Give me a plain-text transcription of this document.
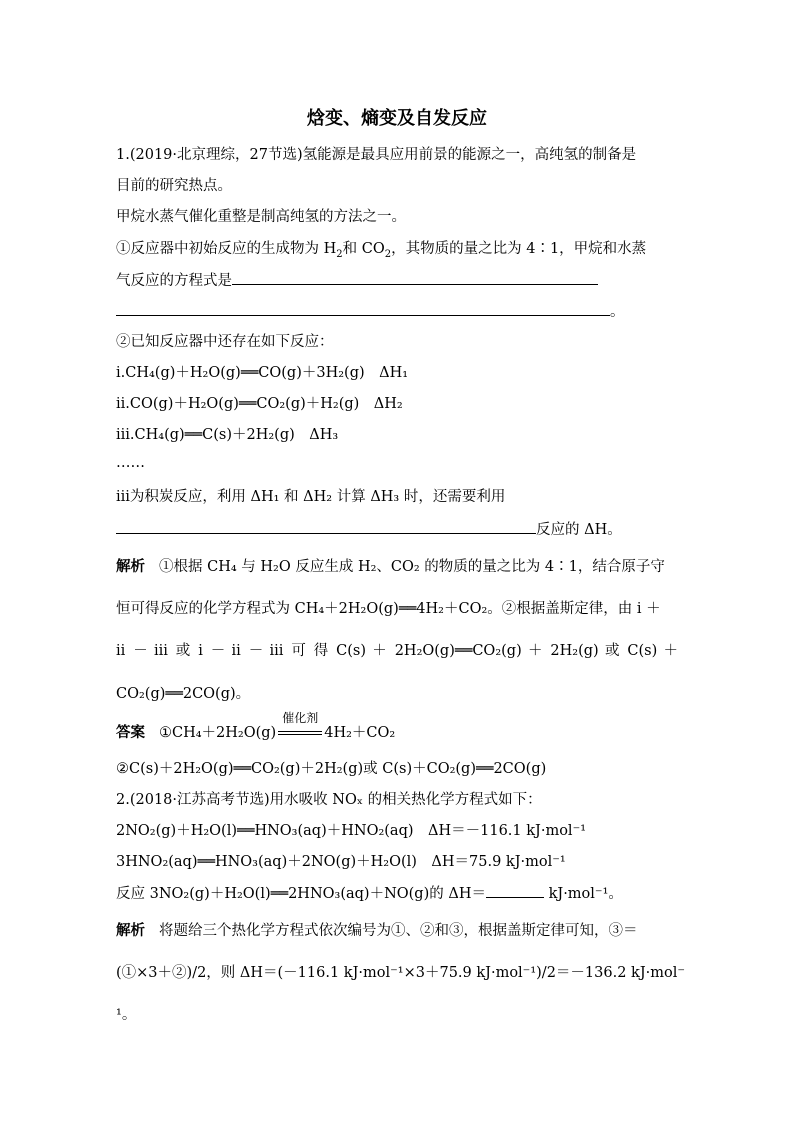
焓变、熵变及自发反应
1.(2019·北京理综，27节选)氢能源是最具应用前景的能源之一，高纯氢的制备是
目前的研究热点。
甲烷水蒸气催化重整是制高纯氢的方法之一。
①反应器中初始反应的生成物为 $H_2$和 $CO_2$，其物质的量之比为 4∶1，甲烷和水蒸
气反应的方程式是
。
②已知反应器中还存在如下反应：
ⅰ.CH₄(g)＋H₂O(g)══CO(g)＋3H₂(g)　ΔH₁
ⅱ.CO(g)＋H₂O(g)══CO₂(g)＋H₂(g)　ΔH₂
ⅲ.CH₄(g)══C(s)＋2H₂(g)　ΔH₃
……
ⅲ为积炭反应，利用 ΔH₁ 和 ΔH₂ 计算 ΔH₃ 时，还需要利用
反应的 ΔH。
解析 ①根据 CH₄ 与 H₂O 反应生成 H₂、CO₂ 的物质的量之比为 4∶1，结合原子守
恒可得反应的化学方程式为 CH₄＋2H₂O(g)══4H₂＋CO₂。②根据盖斯定律，由 ⅰ ＋
ⅱ － ⅲ 或 ⅰ － ⅱ － ⅲ 可 得 C(s) ＋ 2H₂O(g)══CO₂(g) ＋ 2H₂(g) 或 C(s) ＋
CO₂(g)══2CO(g)。
答案 ①CH₄＋2H₂O(g)
催化剂
4H₂＋CO₂
②C(s)＋2H₂O(g)══CO₂(g)＋2H₂(g)或 C(s)＋CO₂(g)══2CO(g)
2.(2018·江苏高考节选)用水吸收 NOₓ 的相关热化学方程式如下：
2NO₂(g)＋H₂O(l)══HNO₃(aq)＋HNO₂(aq)　ΔH＝－116.1 kJ·mol⁻¹
3HNO₂(aq)══HNO₃(aq)＋2NO(g)＋H₂O(l)　ΔH＝75.9 kJ·mol⁻¹
反应 3NO₂(g)＋H₂O(l)══2HNO₃(aq)＋NO(g)的 ΔH＝	kJ·mol⁻¹。
解析 将题给三个热化学方程式依次编号为①、②和③，根据盖斯定律可知，③＝
(①×3＋②)/2，则 ΔH＝(－116.1 kJ·mol⁻¹×3＋75.9 kJ·mol⁻¹)/2＝－136.2 kJ·mol⁻
¹。
